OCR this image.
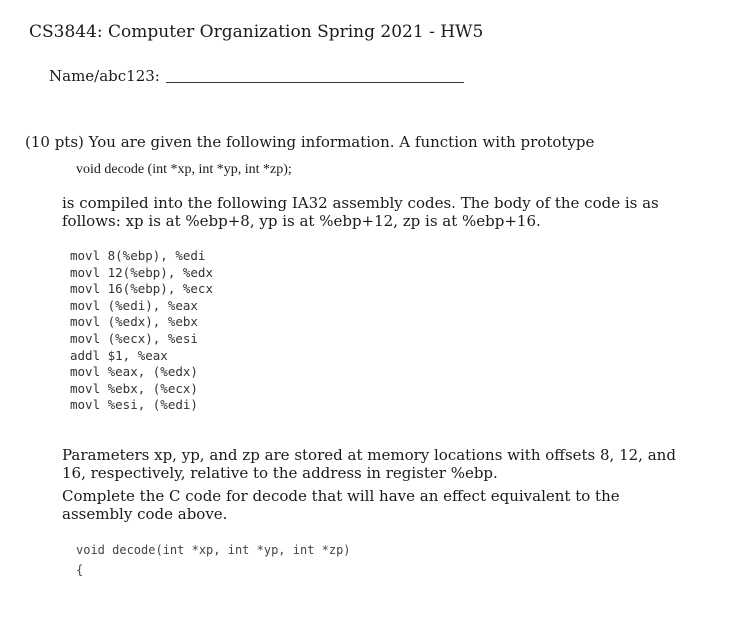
CS3844: Computer Organization Spring 2021 - HW5
Name/abc123:
(10 pts) You are given the following information. A function with prototype
void decode (int *xp, int *yp, int *zp);
is compiled into the following IA32 assembly codes. The body of the code is as follows: xp is at %ebp+8, yp is at %ebp+12, zp is at %ebp+16.
movl 8(%ebp), %edi
movl 12(%ebp), %edx
movl 16(%ebp), %ecx
movl (%edi), %eax
movl (%edx), %ebx
movl (%ecx), %esi
addl $1, %eax
movl %eax, (%edx)
movl %ebx, (%ecx)
movl %esi, (%edi)
Parameters xp, yp, and zp are stored at memory locations with offsets 8, 12, and 16, respectively, relative to the address in register %ebp.
Complete the C code for decode that will have an effect equivalent to the assembly code above.
void decode(int *xp, int *yp, int *zp)
{
